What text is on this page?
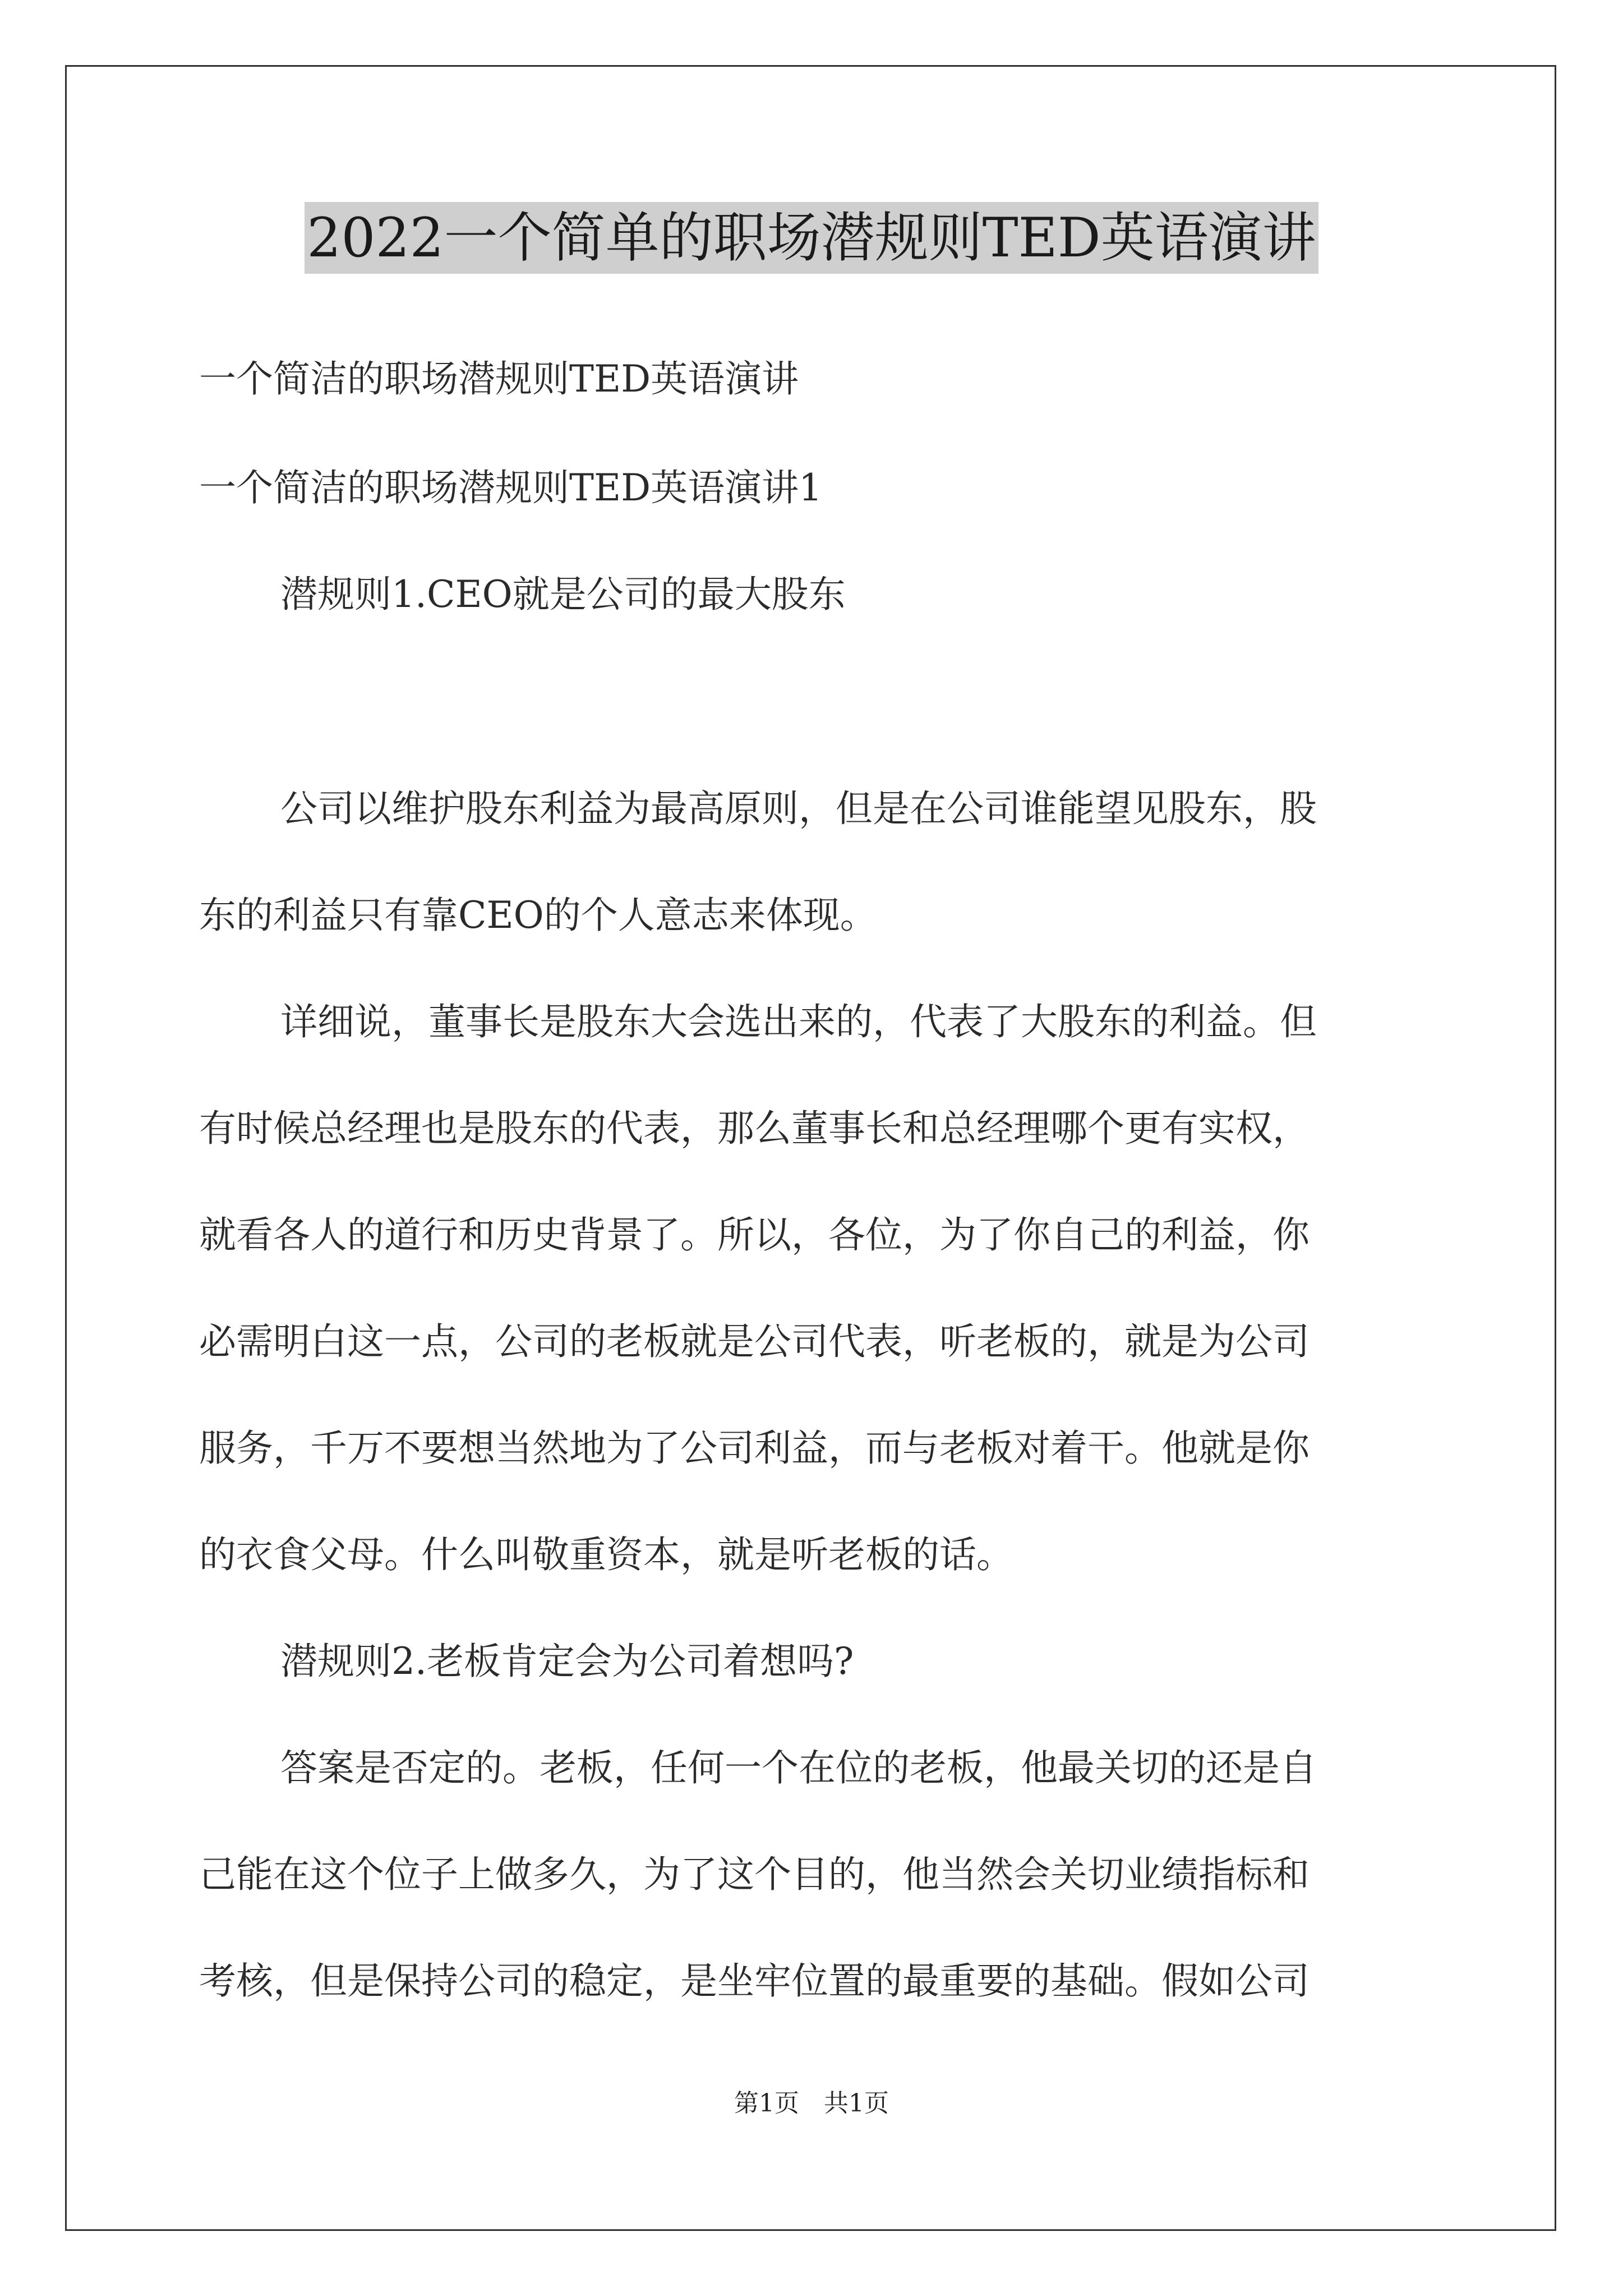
2022一个简单的职场潜规则TED英语演讲
一个简洁的职场潜规则TED英语演讲
一个简洁的职场潜规则TED英语演讲1
潜规则1.CEO就是公司的最大股东
公司以维护股东利益为最高原则，但是在公司谁能望见股东，股
东的利益只有靠CEO的个人意志来体现。
详细说，董事长是股东大会选出来的，代表了大股东的利益。但
有时候总经理也是股东的代表，那么董事长和总经理哪个更有实权，
就看各人的道行和历史背景了。所以，各位，为了你自己的利益，你
必需明白这一点，公司的老板就是公司代表，听老板的，就是为公司
服务，千万不要想当然地为了公司利益，而与老板对着干。他就是你
的衣食父母。什么叫敬重资本，就是听老板的话。
潜规则2.老板肯定会为公司着想吗?
答案是否定的。老板，任何一个在位的老板，他最关切的还是自
己能在这个位子上做多久，为了这个目的，他当然会关切业绩指标和
考核，但是保持公司的稳定，是坐牢位置的最重要的基础。假如公司
第1页　共1页
